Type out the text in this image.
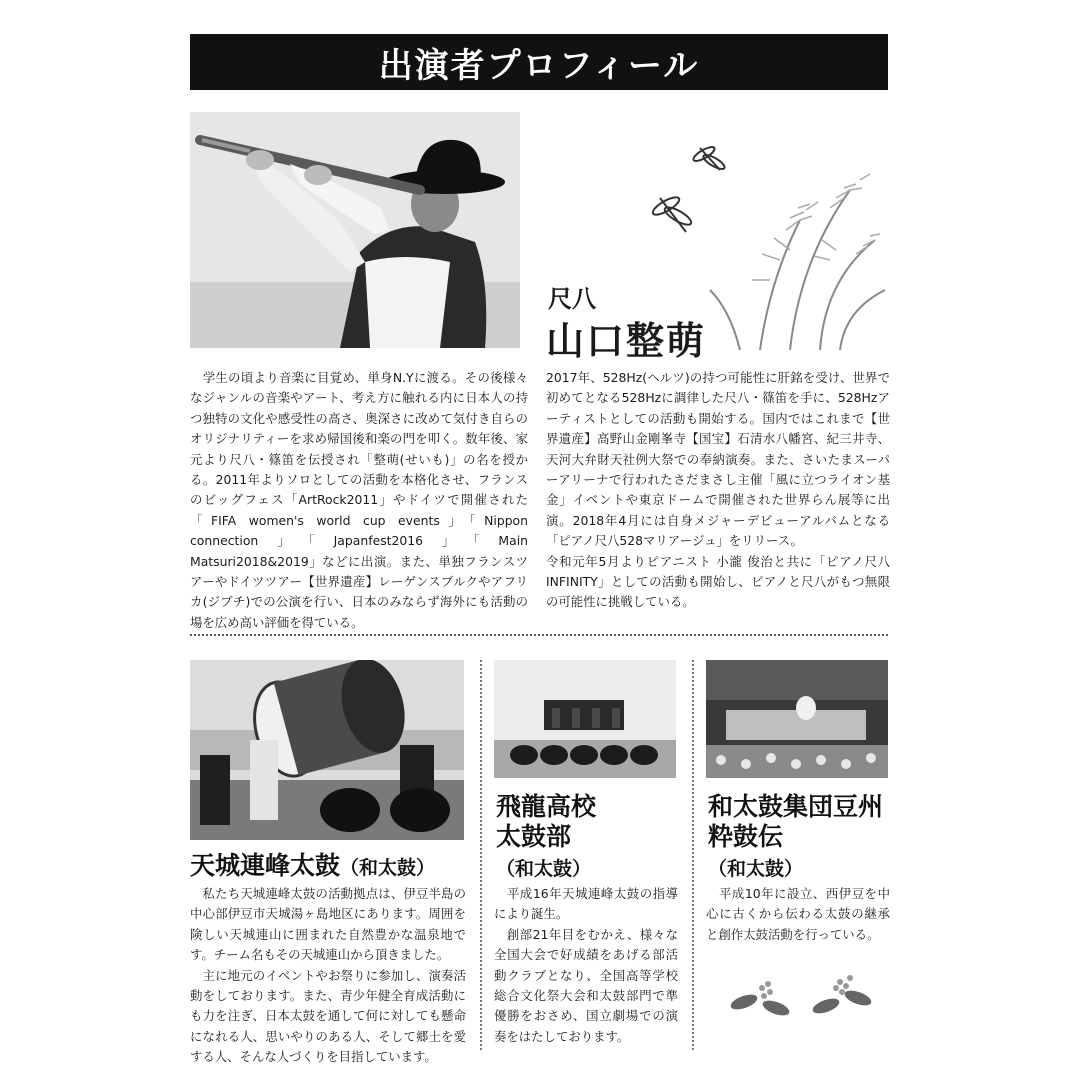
出演者プロフィール
尺八
山口整萌
　学生の頃より音楽に目覚め、単身N.Yに渡る。その後様々なジャンルの音楽やアート、考え方に触れる内に日本人の持つ独特の文化や感受性の高さ、奥深さに改めて気付き自らのオリジナリティーを求め帰国後和楽の門を叩く。数年後、家元より尺八・篠笛を伝授され「整萌(せいも)」の名を授かる。2011年よりソロとしての活動を本格化させ、フランスのビッグフェス「ArtRock2011」やドイツで開催された「FIFA women's world cup events」「Nippon connection」「Japanfest2016」「Main Matsuri2018&2019」などに出演。また、単独フランスツアーやドイツツアー【世界遺産】レーゲンスブルクやアフリカ(ジブチ)での公演を行い、日本のみならず海外にも活動の場を広め高い評価を得ている。
2017年、528Hz(ヘルツ)の持つ可能性に肝銘を受け、世界で初めてとなる528Hzに調律した尺八・篠笛を手に、528Hzアーティストとしての活動も開始する。国内ではこれまで【世界遺産】高野山金剛峯寺【国宝】石清水八幡宮、紀三井寺、天河大弁財天社例大祭での奉納演奏。また、さいたまスーパーアリーナで行われたさだまさし主催「風に立つライオン基金」イベントや東京ドームで開催された世界らん展等に出演。2018年4月には自身メジャーデビューアルバムとなる「ピアノ尺八528マリアージュ」をリリース。
令和元年5月よりピアニスト 小瀧 俊治と共に「ピアノ尺八INFINITY」としての活動も開始し、ピアノと尺八がもつ無限の可能性に挑戦している。
天城連峰太鼓（和太鼓）
　私たち天城連峰太鼓の活動拠点は、伊豆半島の中心部伊豆市天城湯ヶ島地区にあります。周囲を険しい天城連山に囲まれた自然豊かな温泉地です。チーム名もその天城連山から頂きました。
　主に地元のイベントやお祭りに参加し、演奏活動をしております。また、青少年健全育成活動にも力を注ぎ、日本太鼓を通して何に対しても懸命になれる人、思いやりのある人、そして郷土を愛する人、そんな人づくりを目指しています。
飛龍高校
太鼓部
（和太鼓）
　平成16年天城連峰太鼓の指導により誕生。
　創部21年目をむかえ、様々な全国大会で好成績をあげる部活動クラブとなり、全国高等学校総合文化祭大会和太鼓部門で準優勝をおさめ、国立劇場での演奏をはたしております。
和太鼓集団豆州
粋鼓伝
（和太鼓）
　平成10年に設立、西伊豆を中心に古くから伝わる太鼓の継承と創作太鼓活動を行っている。
